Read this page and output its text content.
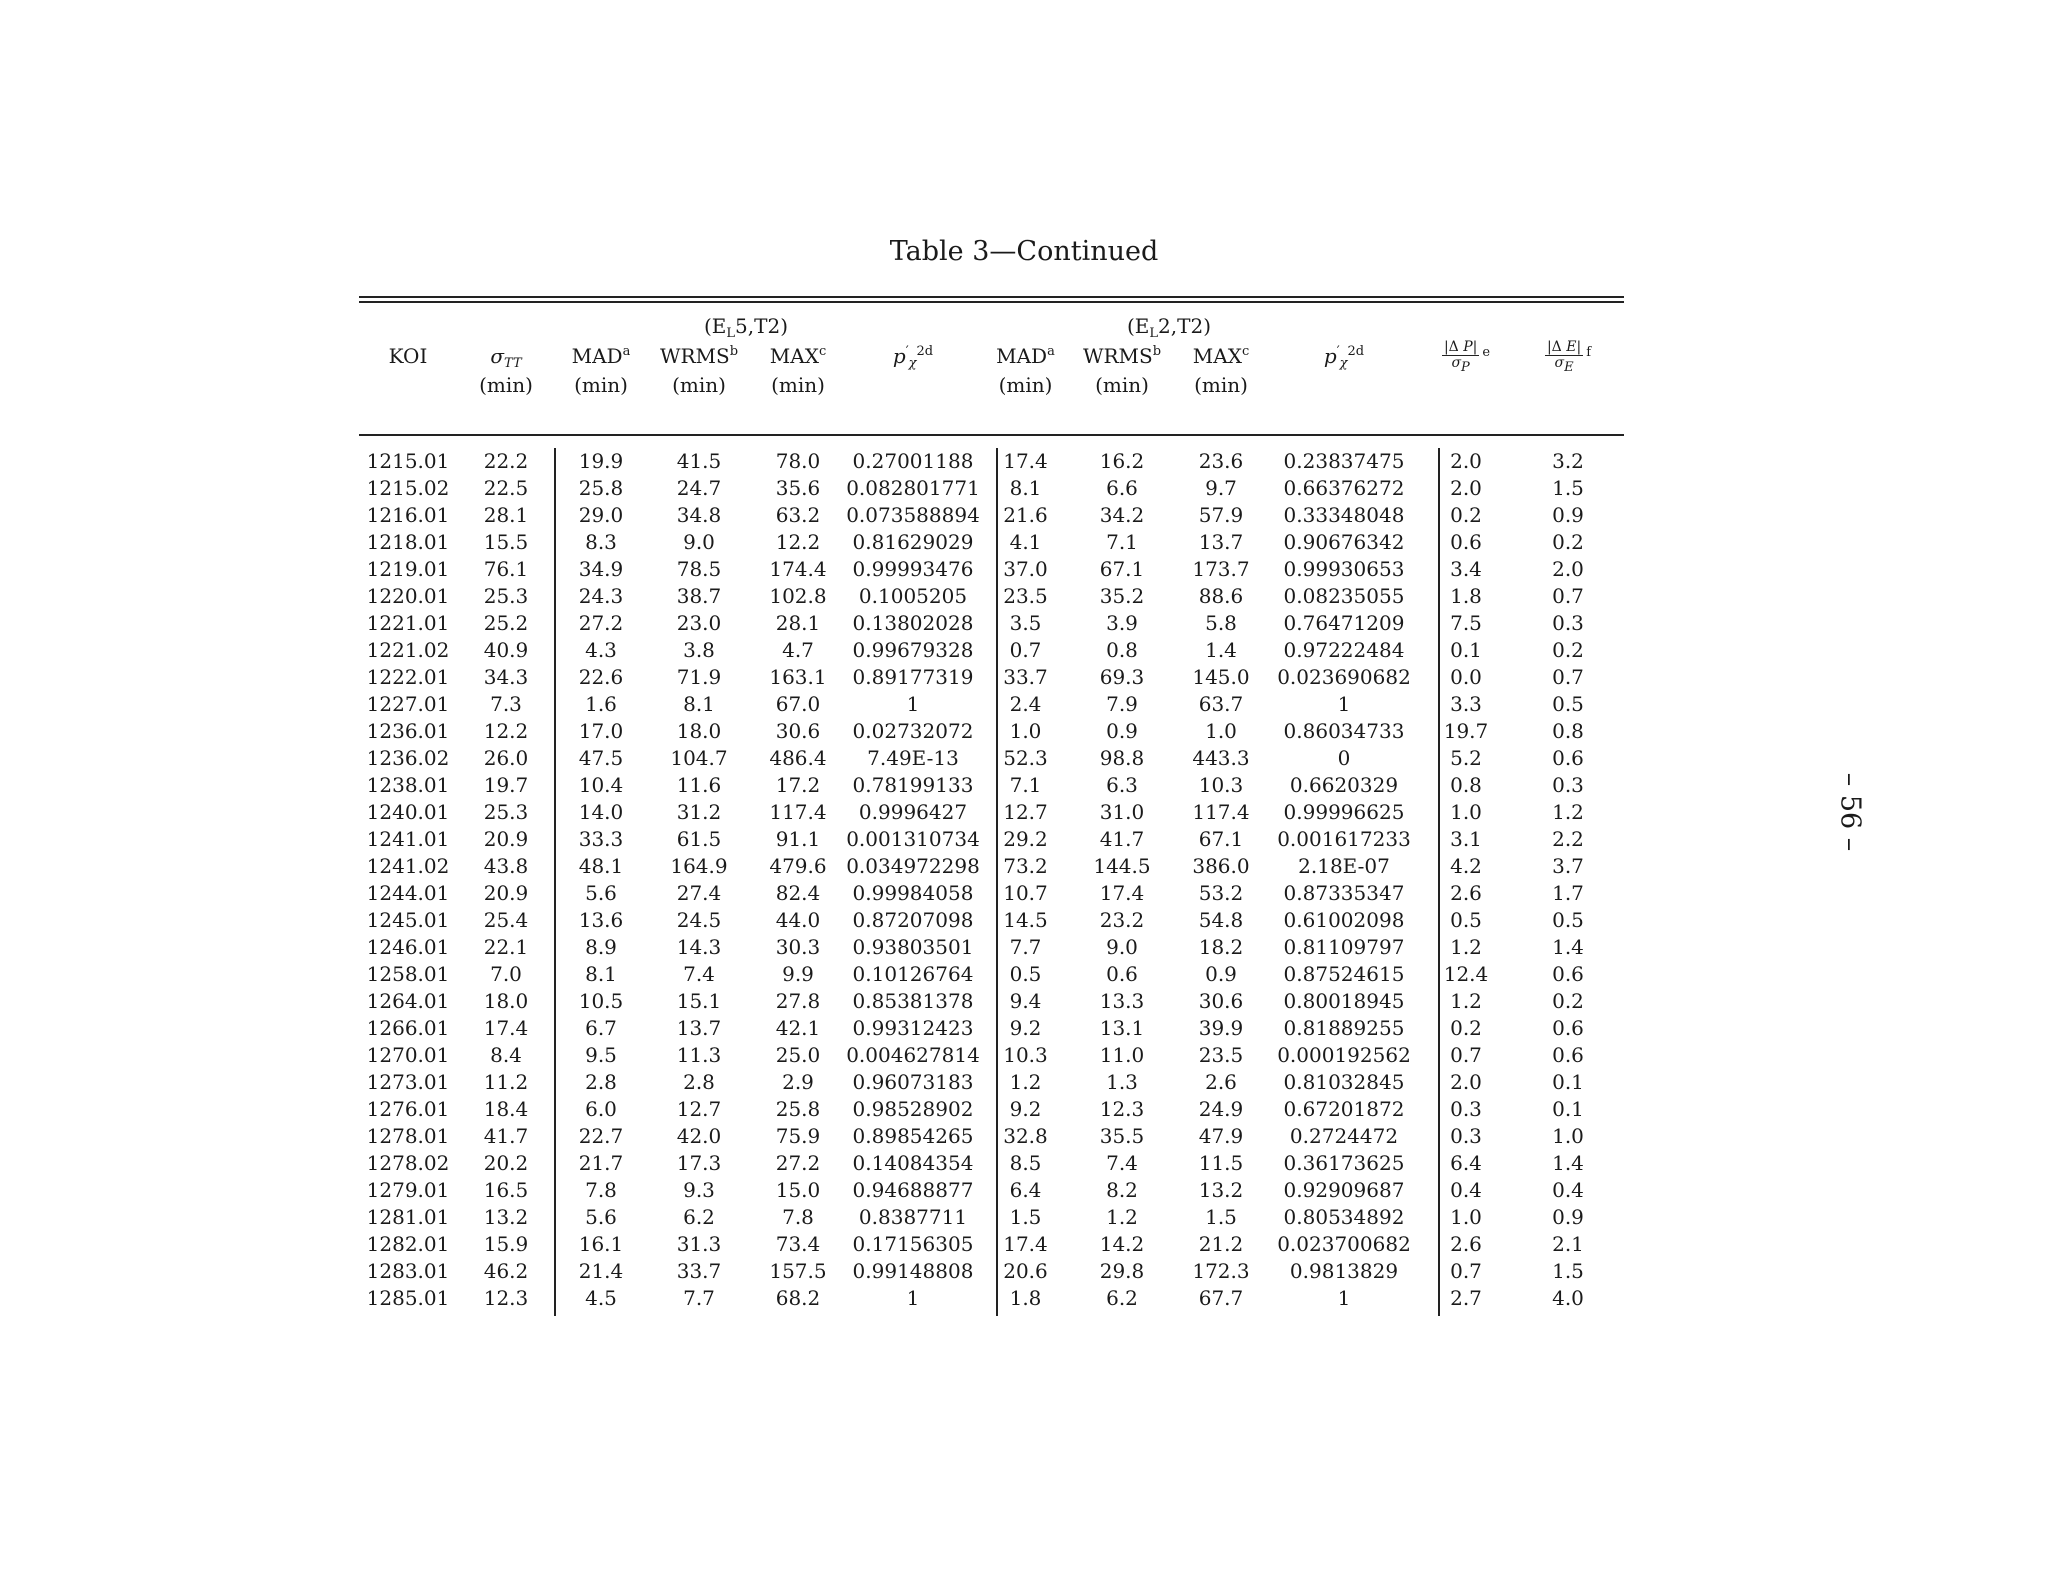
Table 3—Continued
			$(E_L5,T2)$				$(E_L2,T2)$				
KOI	$\sigma_{TT}$	MAD$^a$	WRMS$^b$	MAX$^c$	$p'_\chi^{2d}$	MAD$^a$	WRMS$^b$	MAX$^c$	$p'_\chi^{2d}$	$\frac{\text{|Δ P|}}{\sigma_P} ^e$	$\frac{\text{|Δ E|}}{\sigma_E} ^f$
	(min)	(min)	(min)	(min)		(min)	(min)	(min)			
1215.01	22.2	19.9	41.5	78.0	0.27001188	17.4	16.2	23.6	0.23837475	2.0	3.2
1215.02	22.5	25.8	24.7	35.6	0.082801771	8.1	6.6	9.7	0.66376272	2.0	1.5
1216.01	28.1	29.0	34.8	63.2	0.073588894	21.6	34.2	57.9	0.33348048	0.2	0.9
1218.01	15.5	8.3	9.0	12.2	0.81629029	4.1	7.1	13.7	0.90676342	0.6	0.2
1219.01	76.1	34.9	78.5	174.4	0.99993476	37.0	67.1	173.7	0.99930653	3.4	2.0
1220.01	25.3	24.3	38.7	102.8	0.1005205	23.5	35.2	88.6	0.08235055	1.8	0.7
1221.01	25.2	27.2	23.0	28.1	0.13802028	3.5	3.9	5.8	0.76471209	7.5	0.3
1221.02	40.9	4.3	3.8	4.7	0.99679328	0.7	0.8	1.4	0.97222484	0.1	0.2
1222.01	34.3	22.6	71.9	163.1	0.89177319	33.7	69.3	145.0	0.023690682	0.0	0.7
1227.01	7.3	1.6	8.1	67.0	1	2.4	7.9	63.7	1	3.3	0.5
1236.01	12.2	17.0	18.0	30.6	0.02732072	1.0	0.9	1.0	0.86034733	19.7	0.8
1236.02	26.0	47.5	104.7	486.4	7.49E-13	52.3	98.8	443.3	0	5.2	0.6
1238.01	19.7	10.4	11.6	17.2	0.78199133	7.1	6.3	10.3	0.6620329	0.8	0.3
1240.01	25.3	14.0	31.2	117.4	0.9996427	12.7	31.0	117.4	0.99996625	1.0	1.2
1241.01	20.9	33.3	61.5	91.1	0.001310734	29.2	41.7	67.1	0.001617233	3.1	2.2
1241.02	43.8	48.1	164.9	479.6	0.034972298	73.2	144.5	386.0	2.18E-07	4.2	3.7
1244.01	20.9	5.6	27.4	82.4	0.99984058	10.7	17.4	53.2	0.87335347	2.6	1.7
1245.01	25.4	13.6	24.5	44.0	0.87207098	14.5	23.2	54.8	0.61002098	0.5	0.5
1246.01	22.1	8.9	14.3	30.3	0.93803501	7.7	9.0	18.2	0.81109797	1.2	1.4
1258.01	7.0	8.1	7.4	9.9	0.10126764	0.5	0.6	0.9	0.87524615	12.4	0.6
1264.01	18.0	10.5	15.1	27.8	0.85381378	9.4	13.3	30.6	0.80018945	1.2	0.2
1266.01	17.4	6.7	13.7	42.1	0.99312423	9.2	13.1	39.9	0.81889255	0.2	0.6
1270.01	8.4	9.5	11.3	25.0	0.004627814	10.3	11.0	23.5	0.000192562	0.7	0.6
1273.01	11.2	2.8	2.8	2.9	0.96073183	1.2	1.3	2.6	0.81032845	2.0	0.1
1276.01	18.4	6.0	12.7	25.8	0.98528902	9.2	12.3	24.9	0.67201872	0.3	0.1
1278.01	41.7	22.7	42.0	75.9	0.89854265	32.8	35.5	47.9	0.2724472	0.3	1.0
1278.02	20.2	21.7	17.3	27.2	0.14084354	8.5	7.4	11.5	0.36173625	6.4	1.4
1279.01	16.5	7.8	9.3	15.0	0.94688877	6.4	8.2	13.2	0.92909687	0.4	0.4
1281.01	13.2	5.6	6.2	7.8	0.8387711	1.5	1.2	1.5	0.80534892	1.0	0.9
1282.01	15.9	16.1	31.3	73.4	0.17156305	17.4	14.2	21.2	0.023700682	2.6	2.1
1283.01	46.2	21.4	33.7	157.5	0.99148808	20.6	29.8	172.3	0.9813829	0.7	1.5
1285.01	12.3	4.5	7.7	68.2	1	1.8	6.2	67.7	1	2.7	4.0
– 56 –
